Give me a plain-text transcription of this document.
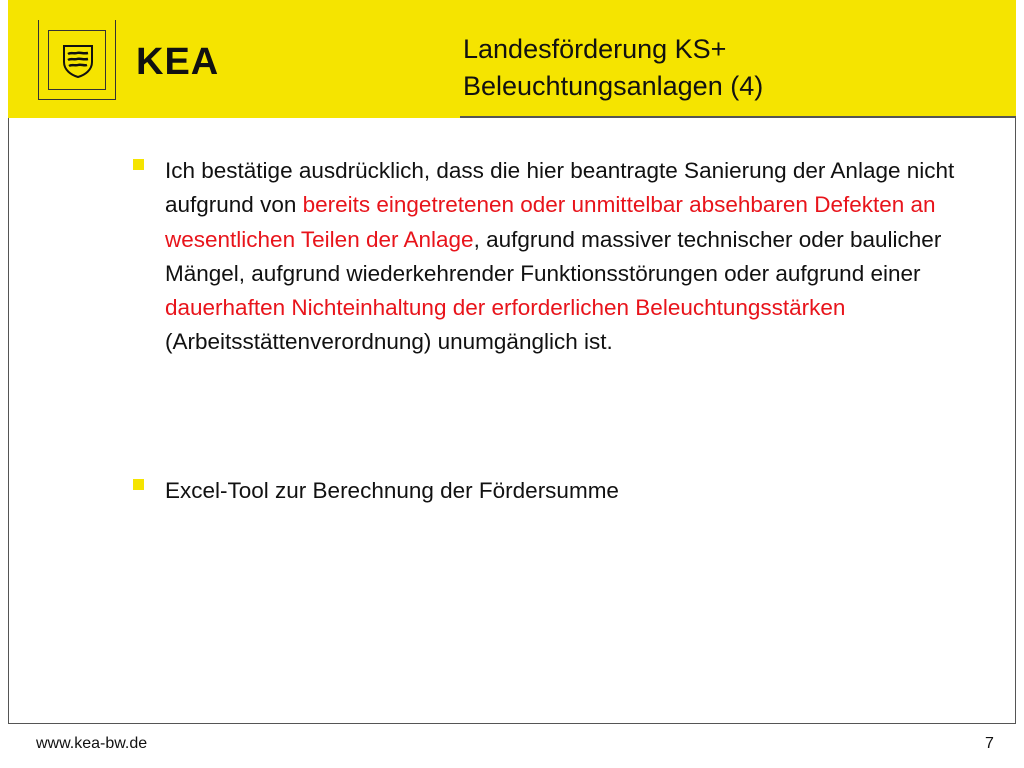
KEA	Landesförderung KS+
Beleuchtungsanlagen (4)

Ich bestätige ausdrücklich, dass die hier beantragte Sanierung der Anlage nicht aufgrund von bereits eingetretenen oder unmittelbar absehbaren Defekten an wesentlichen Teilen der Anlage, aufgrund massiver technischer oder baulicher Mängel, aufgrund wiederkehrender Funktionsstörungen oder aufgrund einer dauerhaften Nichteinhaltung der erforderlichen Beleuchtungsstärken (Arbeitsstättenverordnung) unumgänglich ist.

Excel-Tool zur Berechnung der Fördersumme

www.kea-bw.de	7
